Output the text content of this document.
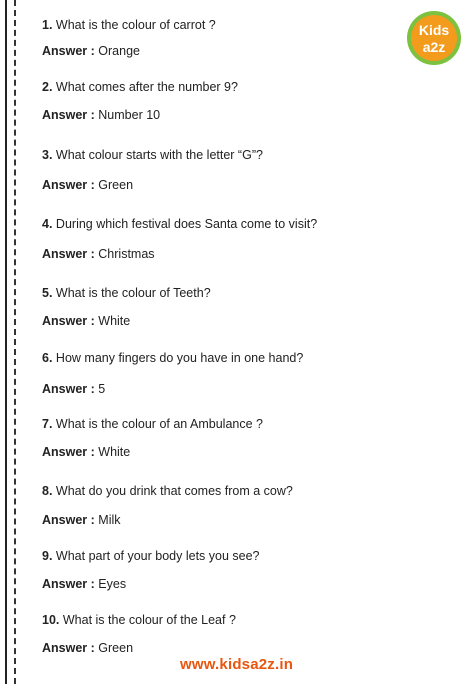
Kids
a2z
1. What is the colour of carrot ?
Answer : Orange
2. What comes after the number 9?
Answer : Number 10
3. What colour starts with the letter “G”?
Answer : Green
4. During which festival does Santa come to visit?
Answer : Christmas
5. What is the colour of Teeth?
Answer : White
6. How many fingers do you have in one hand?
Answer : 5
7. What is the colour of an Ambulance ?
Answer : White
8. What do you drink that comes from a cow?
Answer : Milk
9. What part of your body lets you see?
Answer : Eyes
10. What is the colour of the Leaf ?
Answer : Green
www.kidsa2z.in
